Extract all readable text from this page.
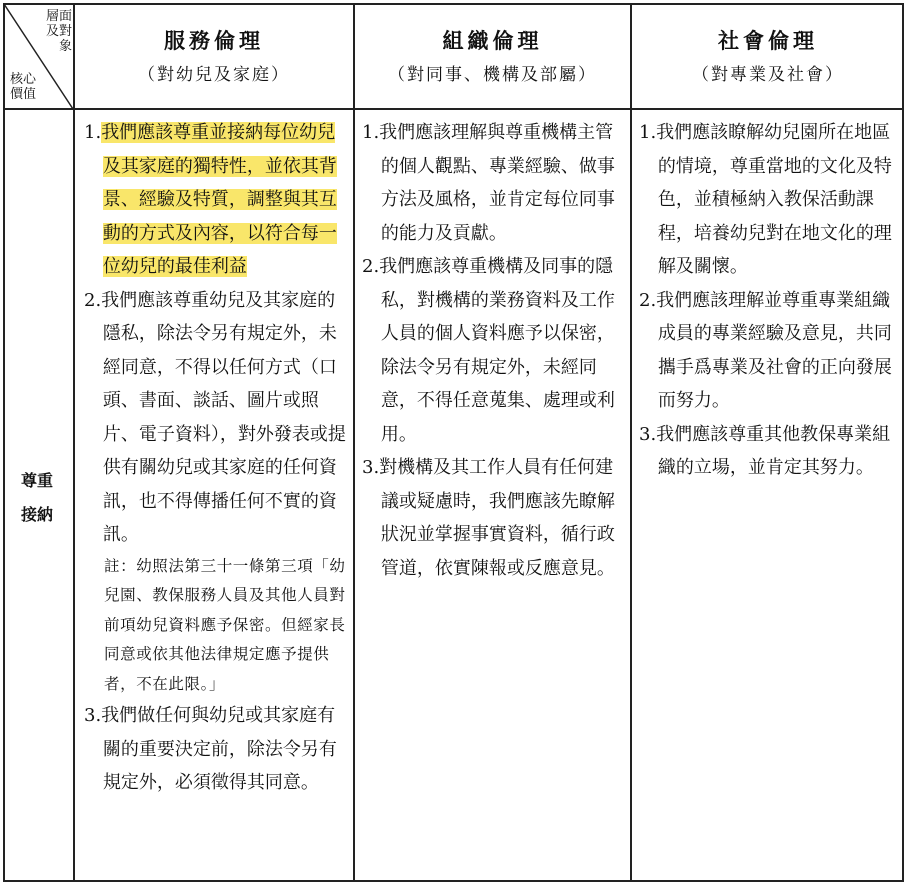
層面
及對
象
核心
價值
服務倫理
（對幼兒及家庭）
組織倫理
（對同事、機構及部屬）
社會倫理
（對專業及社會）
尊重
接納
1.我們應該尊重並接納每位幼兒及其家庭的獨特性，並依其背景、經驗及特質，調整與其互動的方式及內容，以符合每一位幼兒的最佳利益
2.我們應該尊重幼兒及其家庭的隱私，除法令另有規定外，未經同意，不得以任何方式（口頭、書面、談話、圖片或照片、電子資料），對外發表或提供有關幼兒或其家庭的任何資訊，也不得傳播任何不實的資訊。
註：幼照法第三十一條第三項「幼兒園、教保服務人員及其他人員對前項幼兒資料應予保密。但經家長同意或依其他法律規定應予提供者，不在此限。」
3.我們做任何與幼兒或其家庭有關的重要決定前，除法令另有規定外，必須徵得其同意。
1.我們應該理解與尊重機構主管的個人觀點、專業經驗、做事方法及風格，並肯定每位同事的能力及貢獻。
2.我們應該尊重機構及同事的隱私，對機構的業務資料及工作人員的個人資料應予以保密，除法令另有規定外，未經同意，不得任意蒐集、處理或利用。
3.對機構及其工作人員有任何建議或疑慮時，我們應該先瞭解狀況並掌握事實資料，循行政管道，依實陳報或反應意見。
1.我們應該瞭解幼兒園所在地區的情境，尊重當地的文化及特色，並積極納入教保活動課程，培養幼兒對在地文化的理解及關懷。
2.我們應該理解並尊重專業組織成員的專業經驗及意見，共同攜手爲專業及社會的正向發展而努力。
3.我們應該尊重其他教保專業組織的立場，並肯定其努力。
